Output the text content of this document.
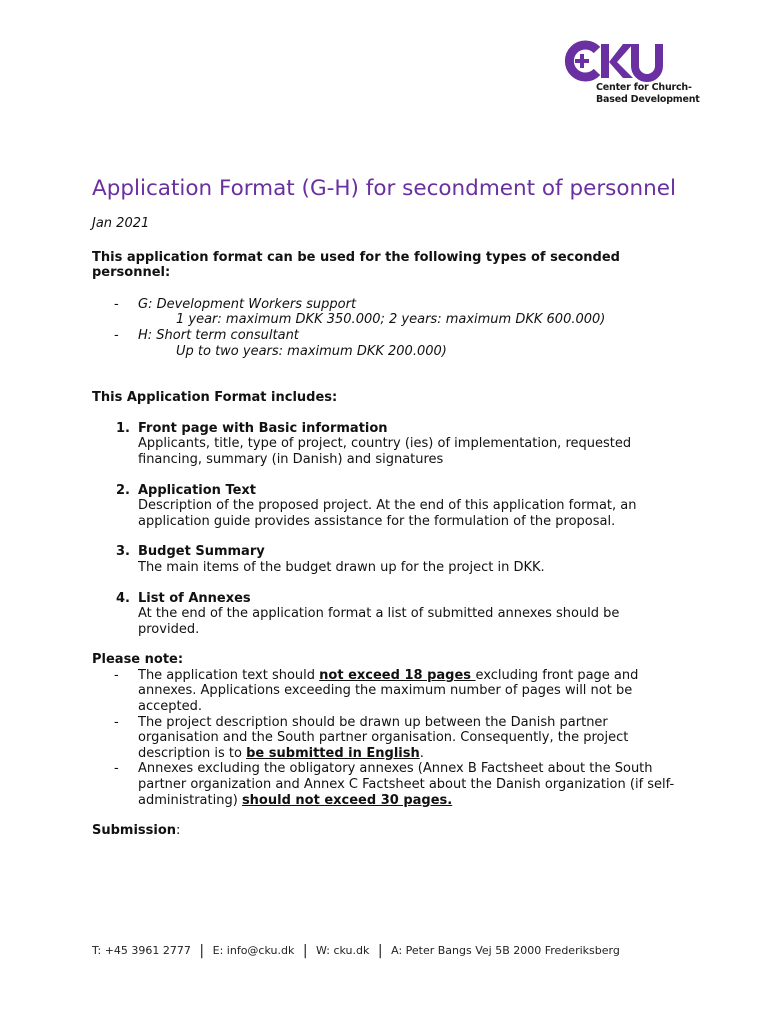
Center for Church-
Based Development
Application Format (G-H) for secondment of personnel
Jan 2021
This application format can be used for the following types of seconded personnel:
- G: Development Workers support
1 year: maximum DKK 350.000; 2 years: maximum DKK 600.000)
- H: Short term consultant
Up to two years: maximum DKK 200.000)
This Application Format includes:
1. Front page with Basic information
Applicants, title, type of project, country (ies) of implementation, requested financing, summary (in Danish) and signatures
2. Application Text
Description of the proposed project. At the end of this application format, an application guide provides assistance for the formulation of the proposal.
3. Budget Summary
The main items of the budget drawn up for the project in DKK.
4. List of Annexes
At the end of the application format a list of submitted annexes should be provided.
Please note:
- The application text should not exceed 18 pages excluding front page and annexes. Applications exceeding the maximum number of pages will not be accepted.
- The project description should be drawn up between the Danish partner organisation and the South partner organisation. Consequently, the project description is to be submitted in English.
- Annexes excluding the obligatory annexes (Annex B Factsheet about the South partner organization and Annex C Factsheet about the Danish organization (if self-administrating) should not exceed 30 pages.
Submission:
T: +45 3961 2777 | E: info@cku.dk | W: cku.dk | A: Peter Bangs Vej 5B 2000 Frederiksberg
